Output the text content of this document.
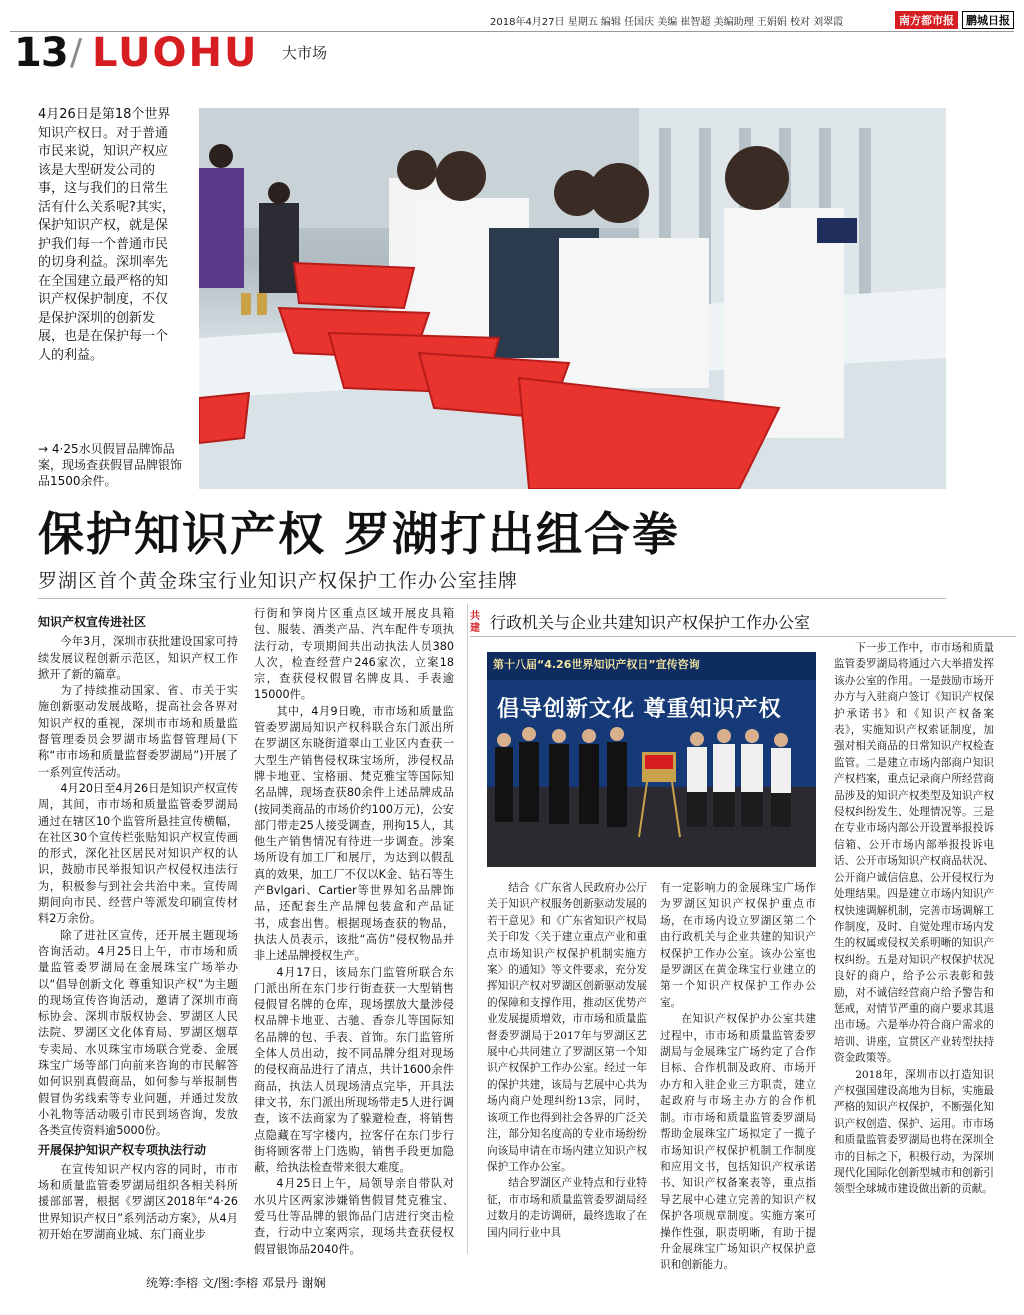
2018年4月27日 星期五 编辑 任国庆 美编 崔智超 美编助理 王娟娟 校对 刘翠霞	南方都市报	鹏城日报
13 / LUOHU 大市场
4月26日是第18个世界
知识产权日。对于普通
市民来说，知识产权应
该是大型研发公司的
事，这与我们的日常生
活有什么关系呢?其实，
保护知识产权，就是保
护我们每一个普通市民
的切身利益。深圳率先
在全国建立最严格的知
识产权保护制度，不仅
是保护深圳的创新发
展，也是在保护每一个
人的利益。
→ 4·25水贝假冒品牌饰品案，现场查获假冒品牌银饰品1500余件。
保护知识产权 罗湖打出组合拳
罗湖区首个黄金珠宝行业知识产权保护工作办公室挂牌
知识产权宣传进社区

今年3月，深圳市获批建设国家可持续发展议程创新示范区，知识产权工作掀开了新的篇章。

为了持续推动国家、省、市关于实施创新驱动发展战略，提高社会各界对知识产权的重视，深圳市市场和质量监督管理委员会罗湖市场监督管理局(下称“市市场和质量监督委罗湖局”)开展了一系列宣传活动。

4月20日至4月26日是知识产权宣传周，其间，市市场和质量监管委罗湖局通过在辖区10个监管所悬挂宣传横幅，在社区30个宣传栏张贴知识产权宣传画的形式，深化社区居民对知识产权的认识，鼓励市民举报知识产权侵权违法行为，积极参与到社会共治中来。宣传周期间向市民、经营户等派发印刷宣传材料2万余份。

除了进社区宣传，还开展主题现场咨询活动。4月25日上午，市市场和质量监管委罗湖局在金展珠宝广场举办以“倡导创新文化 尊重知识产权”为主题的现场宣传咨询活动，邀请了深圳市商标协会、深圳市版权协会、罗湖区人民法院、罗湖区文化体育局、罗湖区烟草专卖局、水贝珠宝市场联合党委、金展珠宝广场等部门向前来咨询的市民解答如何识别真假商品，如何参与举报制售假冒伪劣线索等专业问题，并通过发放小礼物等活动吸引市民到场咨询，发放各类宣传资料逾5000份。

开展保护知识产权专项执法行动

在宣传知识产权内容的同时，市市场和质量监管委罗湖局组织各相关科所援部部署，根据《罗湖区2018年“4·26世界知识产权日”系列活动方案》，从4月初开始在罗湖商业城、东门商业步

行街和笋岗片区重点区域开展皮具箱包、服装、酒类产品、汽车配件专项执法行动，专项期间共出动执法人员380人次，检查经营户246家次，立案18宗，查获侵权假冒名牌皮具、手表逾15000件。

其中，4月9日晚，市市场和质量监管委罗湖局知识产权科联合东门派出所在罗湖区东晓街道翠山工业区内查获一大型生产销售侵权珠宝场所，涉侵权品牌卡地亚、宝格丽、梵克雅宝等国际知名品牌，现场查获80余件上述品牌成品(按同类商品的市场价约100万元)，公安部门带走25人接受调查，刑拘15人，其他生产销售情况有待进一步调查。涉案场所设有加工厂和展厅，为达到以假乱真的效果，加工厂不仅以K金、钻石等生产Bvlgari、Cartier等世界知名品牌饰品，还配套生产品牌包装盒和产品证书，成套出售。根据现场查获的物品，执法人员表示，该批“高仿”侵权物品并非上述品牌授权生产。

4月17日，该局东门监管所联合东门派出所在东门步行街查获一大型销售侵假冒名牌的仓库，现场摆放大量涉侵权品牌卡地亚、古驰、香奈儿等国际知名品牌的包、手表、首饰。东门监管所全体人员出动，按不同品牌分组对现场的侵权商品进行了清点，共计1600余件商品，执法人员现场清点完毕，开具法律文书，东门派出所现场带走5人进行调查，该不法商家为了躲避检查，将销售点隐藏在写字楼内，拉客仔在东门步行街将顾客带上门选购，销售手段更加隐蔽，给执法检查带来很大难度。

4月25日上午，局领导亲自带队对水贝片区两家涉嫌销售假冒梵克雅宝、爱马仕等品牌的银饰品门店进行突击检查，行动中立案两宗，现场共查获侵权假冒银饰品2040件。

共建 行政机关与企业共建知识产权保护工作办公室
第十八届“4.26世界知识产权日”宣传咨询
倡导创新文化 尊重知识产权

结合《广东省人民政府办公厅关于知识产权服务创新驱动发展的若干意见》和《广东省知识产权局关于印发〈关于建立重点产业和重点市场知识产权保护机制实施方案〉的通知》等文件要求，充分发挥知识产权对罗湖区创新驱动发展的保障和支撑作用，推动区优势产业发展提质增效，市市场和质量监督委罗湖局于2017年与罗湖区艺展中心共同建立了罗湖区第一个知识产权保护工作办公室。经过一年的保护共建，该局与艺展中心共为场内商户处理纠纷13宗，同时，该项工作也得到社会各界的广泛关注，部分知名度高的专业市场纷纷向该局申请在市场内建立知识产权保护工作办公室。

结合罗湖区产业特点和行业特征，市市场和质量监管委罗湖局经过数月的走访调研，最终选取了在国内同行业中具

有一定影响力的金展珠宝广场作为罗湖区知识产权保护重点市场，在市场内设立罗湖区第二个由行政机关与企业共建的知识产权保护工作办公室。该办公室也是罗湖区在黄金珠宝行业建立的第一个知识产权保护工作办公室。

在知识产权保护办公室共建过程中，市市场和质量监管委罗湖局与金展珠宝广场约定了合作目标、合作机制及政府、市场开办方和入驻企业三方职责，建立起政府与市场主办方的合作机制。市市场和质量监管委罗湖局帮助金展珠宝广场拟定了一揽子市场知识产权保护机制工作制度和应用文书，包括知识产权承诺书、知识产权备案表等，重点指导艺展中心建立完善的知识产权保护各项规章制度。实施方案可操作性强，职责明晰，有助于提升金展珠宝广场知识产权保护意识和创新能力。

下一步工作中，市市场和质量监管委罗湖局将通过六大举措发挥该办公室的作用。一是鼓励市场开办方与入驻商户签订《知识产权保护承诺书》和《知识产权备案表》，实施知识产权索证制度，加强对相关商品的日常知识产权检查监管。二是建立市场内部商户知识产权档案，重点记录商户所经营商品涉及的知识产权类型及知识产权侵权纠纷发生、处理情况等。三是在专业市场内部公开设置举报投诉信箱、公开市场内部举报投诉电话、公开市场知识产权商品状况、公开商户诚信信息、公开侵权行为处理结果。四是建立市场内知识产权快速调解机制，完善市场调解工作制度，及时、自觉处理市场内发生的权属或侵权关系明晰的知识产权纠纷。五是对知识产权保护状况良好的商户，给予公示表彰和鼓励，对不诚信经营商户给予警告和惩戒，对情节严重的商户要求其退出市场。六是举办符合商户需求的培训、讲座，宣贯区产业转型扶持资金政策等。

2018年，深圳市以打造知识产权强国建设高地为目标，实施最严格的知识产权保护，不断强化知识产权创造、保护、运用。市市场和质量监管委罗湖局也将在深圳全市的目标之下，积极行动，为深圳现代化国际化创新型城市和创新引领型全球城市建设做出新的贡献。

统筹:李榕 文/图:李榕 邓景丹 谢娴
